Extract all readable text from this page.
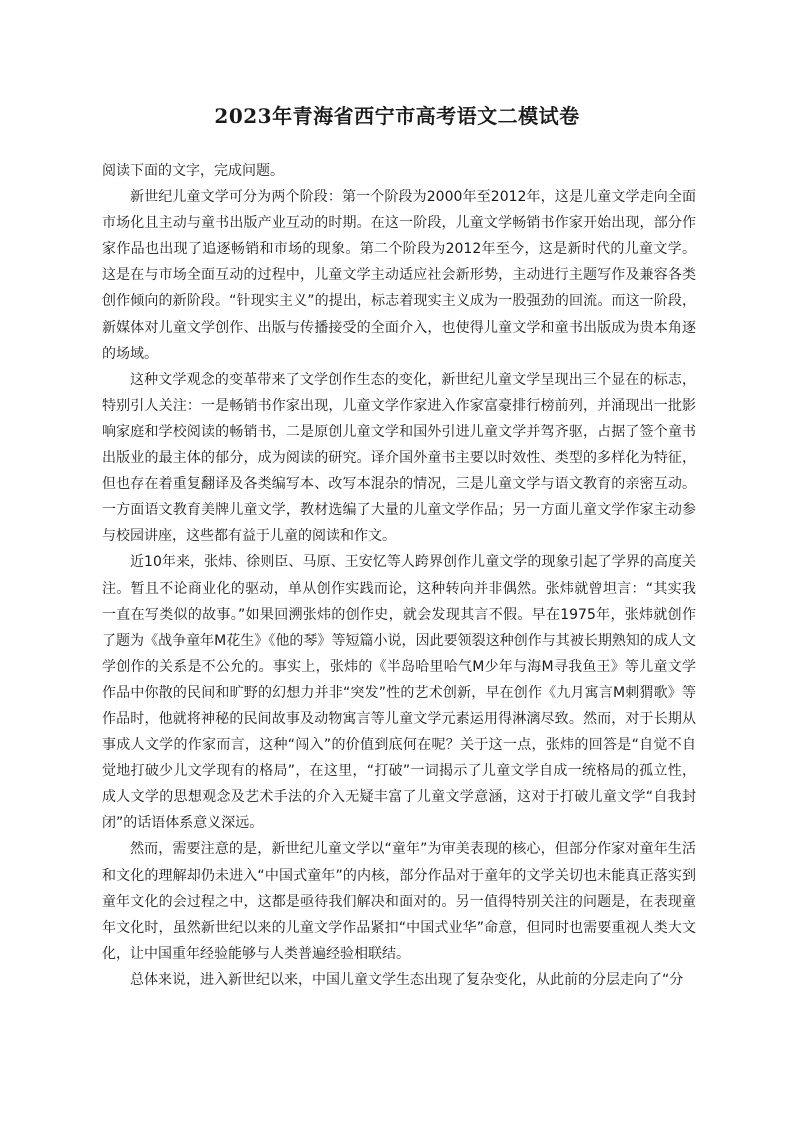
2023年青海省西宁市高考语文二模试卷

阅读下面的文字，完成问题。

新世纪儿童文学可分为两个阶段：第一个阶段为2000年至2012年，这是儿童文学走向全面市场化且主动与童书出版产业互动的时期。在这一阶段，儿童文学畅销书作家开始出现，部分作家作品也出现了追逐畅销和市场的现象。第二个阶段为2012年至今，这是新时代的儿童文学。这是在与市场全面互动的过程中，儿童文学主动适应社会新形势，主动进行主题写作及兼容各类创作倾向的新阶段。“针现实主义”的提出，标志着现实主义成为一股强劲的回流。而这一阶段，新媒体对儿童文学创作、出版与传播接受的全面介入，也使得儿童文学和童书出版成为贵本角逐的场域。

这种文学观念的变革带来了文学创作生态的变化，新世纪儿童文学呈现出三个显在的标志，特别引人关注：一是畅销书作家出现，儿童文学作家进入作家富豪排行榜前列，并涌现出一批影响家庭和学校阅读的畅销书，二是原创儿童文学和国外引进儿童文学并驾齐驱，占据了签个童书出版业的最主体的郁分，成为阅读的研究。译介国外童书主要以时效性、类型的多样化为特征，但也存在着重复翻译及各类编写本、改写本混杂的情况，三是儿童文学与语文教育的亲密互动。一方面语文教育美牌儿童文学，教材选编了大量的儿童文学作品；另一方面儿童文学作家主动参与校园讲座，这些都有益于儿童的阅读和作文。

近10年来，张炜、徐则臣、马原、王安忆等人跨界创作儿童文学的现象引起了学界的高度关注。暂且不论商业化的驱动，单从创作实践而论，这种转向并非偶然。张炜就曾坦言：“其实我一直在写类似的故事。”如果回溯张炜的创作史，就会发现其言不假。早在1975年，张炜就创作了题为《战争童年M花生》《他的琴》等短篇小说，因此要领裂这种创作与其被长期熟知的成人文学创作的关系是不公允的。事实上，张炜的《半岛哈里哈气M少年与海M寻我鱼王》等儿童文学作品中你散的民间和旷野的幻想力并非“突发”性的艺术创新，早在创作《九月寓言M刺猬歌》等作品时，他就将神秘的民间故事及动物寓言等儿童文学元素运用得淋漓尽致。然而，对于长期从事成人文学的作家而言，这种“闯入”的价值到底何在呢？关于这一点，张炜的回答是“自觉不自觉地打破少儿文学现有的格局”，在这里，“打破”一词揭示了儿童文学自成一统格局的孤立性，成人文学的思想观念及艺术手法的介入无疑丰富了儿童文学意涵，这对于打破儿童文学“自我封闭”的话语体系意义深远。

然而，需要注意的是，新世纪儿童文学以“童年”为审美表现的核心，但部分作家对童年生活和文化的理解却仍未进入“中国式童年”的内核，部分作品对于童年的文学关切也未能真正落实到童年文化的会过程之中，这都是亟待我们解决和面对的。另一值得特别关注的问题是，在表现童年文化时，虽然新世纪以来的儿童文学作品紧扣“中国式业华”命意，但同时也需要重视人类大文化，让中国重年经验能够与人类普遍经验相联结。

总体来说，进入新世纪以来，中国儿童文学生态出现了复杂变化，从此前的分层走向了“分
